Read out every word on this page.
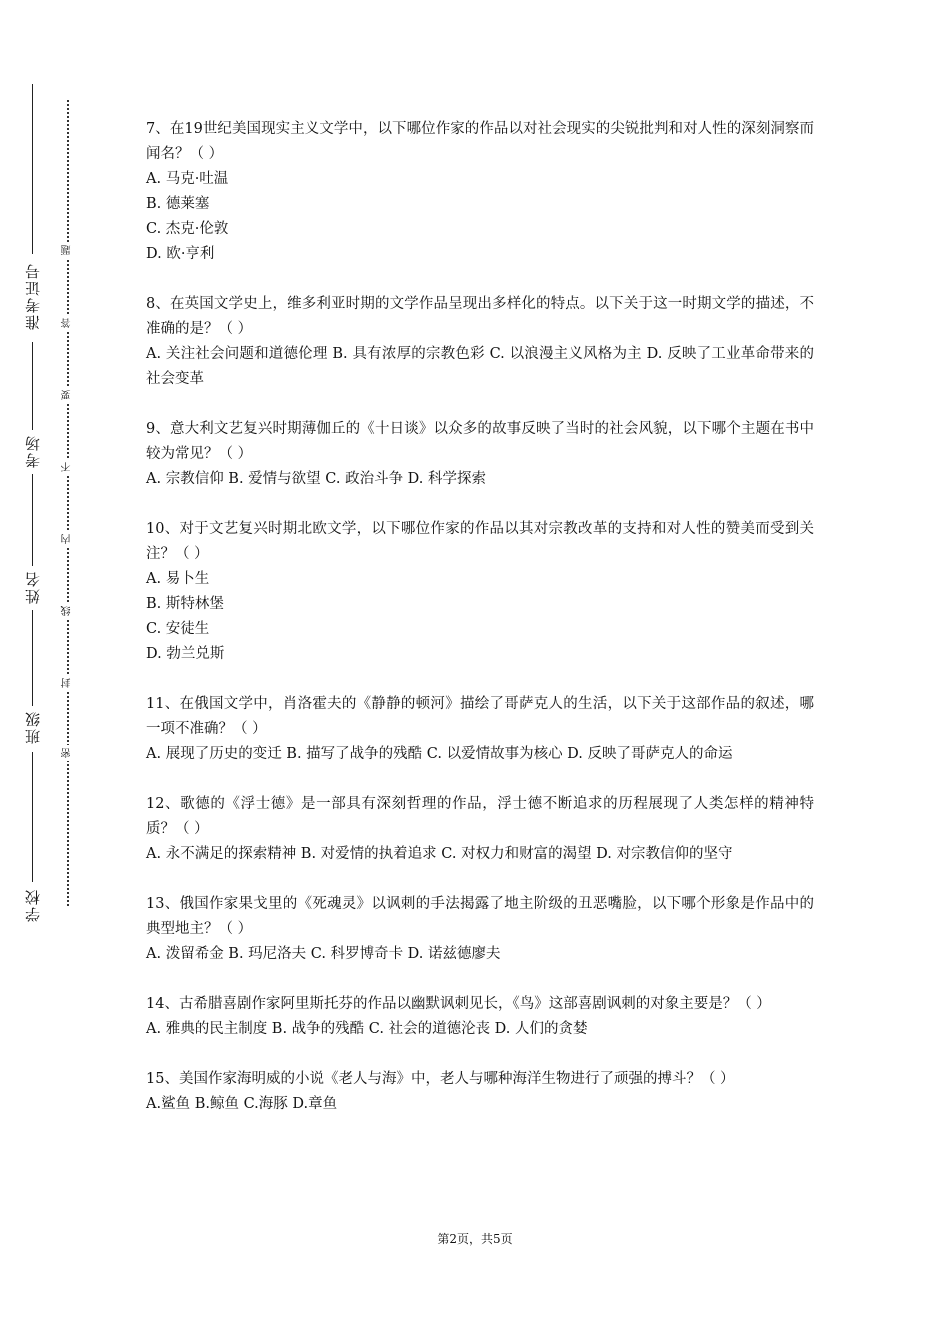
准考证号
考场
姓名
班级
学校
题
答
要
不
内
线
封
密
7、在19世纪美国现实主义文学中，以下哪位作家的作品以对社会现实的尖锐批判和对人性的深刻洞察而闻名？（ ）
A. 马克·吐温
B. 德莱塞
C. 杰克·伦敦
D. 欧·亨利
8、在英国文学史上，维多利亚时期的文学作品呈现出多样化的特点。以下关于这一时期文学的描述，不准确的是？（ ）
A. 关注社会问题和道德伦理 B. 具有浓厚的宗教色彩 C. 以浪漫主义风格为主 D. 反映了工业革命带来的社会变革
9、意大利文艺复兴时期薄伽丘的《十日谈》以众多的故事反映了当时的社会风貌，以下哪个主题在书中较为常见？（ ）
A. 宗教信仰 B. 爱情与欲望 C. 政治斗争 D. 科学探索
10、对于文艺复兴时期北欧文学，以下哪位作家的作品以其对宗教改革的支持和对人性的赞美而受到关注？（ ）
A. 易卜生
B. 斯特林堡
C. 安徒生
D. 勃兰兑斯
11、在俄国文学中，肖洛霍夫的《静静的顿河》描绘了哥萨克人的生活，以下关于这部作品的叙述，哪一项不准确？（ ）
A. 展现了历史的变迁 B. 描写了战争的残酷 C. 以爱情故事为核心 D. 反映了哥萨克人的命运
12、歌德的《浮士德》是一部具有深刻哲理的作品，浮士德不断追求的历程展现了人类怎样的精神特质？（ ）
A. 永不满足的探索精神 B. 对爱情的执着追求 C. 对权力和财富的渴望 D. 对宗教信仰的坚守
13、俄国作家果戈里的《死魂灵》以讽刺的手法揭露了地主阶级的丑恶嘴脸，以下哪个形象是作品中的典型地主？（ ）
A. 泼留希金 B. 玛尼洛夫 C. 科罗博奇卡 D. 诺兹德廖夫
14、古希腊喜剧作家阿里斯托芬的作品以幽默讽刺见长，《鸟》这部喜剧讽刺的对象主要是？（ ）
A. 雅典的民主制度 B. 战争的残酷 C. 社会的道德沦丧 D. 人们的贪婪
15、美国作家海明威的小说《老人与海》中，老人与哪种海洋生物进行了顽强的搏斗？（ ）
A.鲨鱼 B.鲸鱼 C.海豚 D.章鱼
第2页，共5页
